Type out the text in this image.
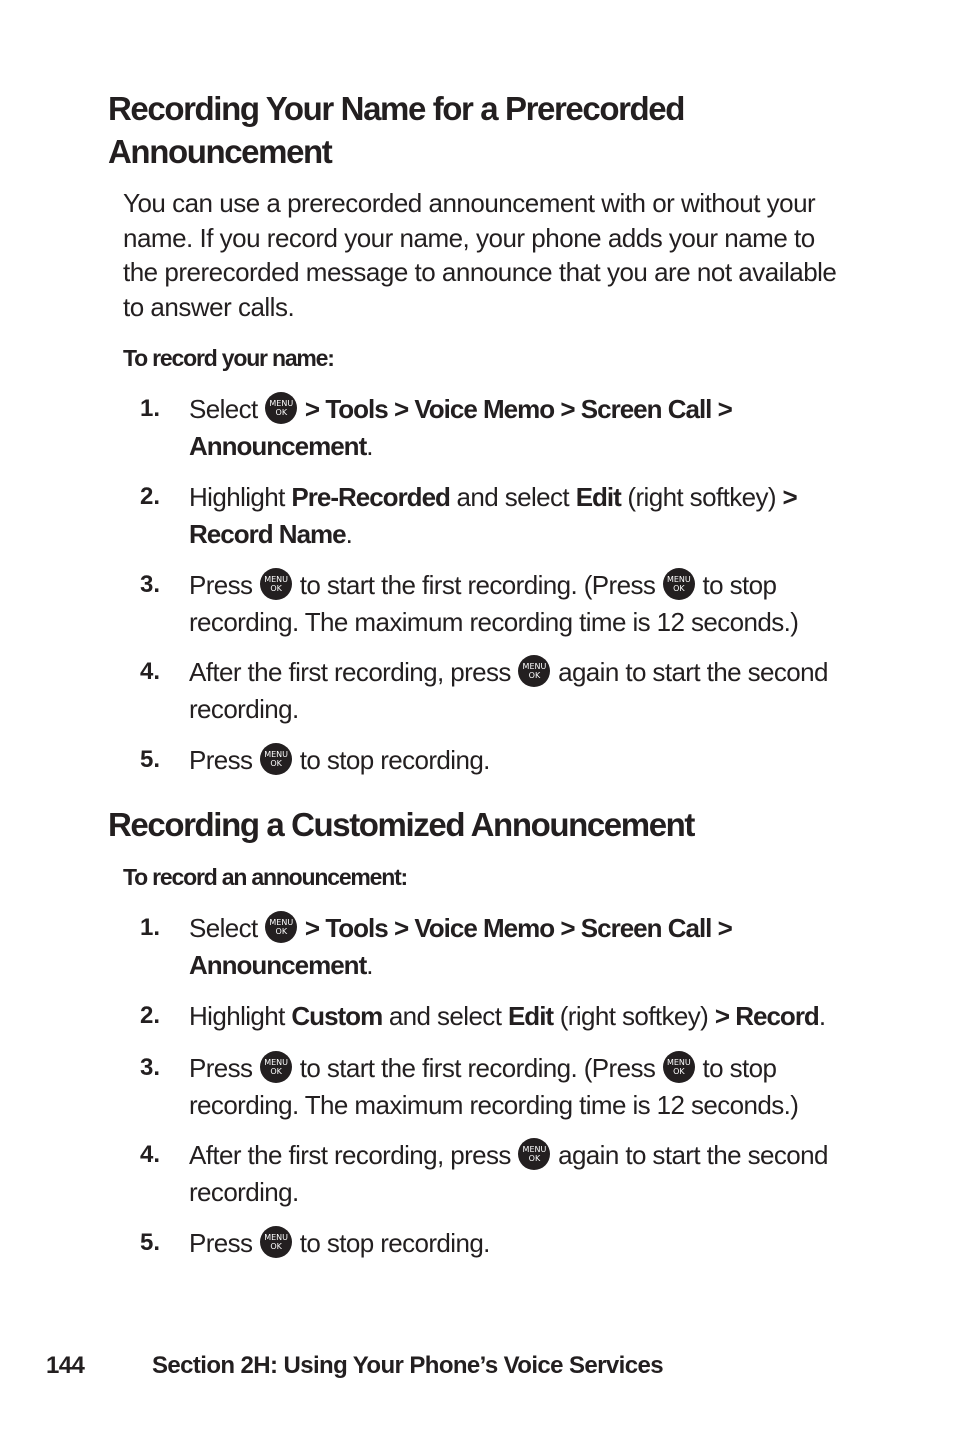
Recording Your Name for a Prerecorded Announcement

You can use a prerecorded announcement with or without your name. If you record your name, your phone adds your name to the prerecorded message to announce that you are not available to answer calls.

To record your name:

1. Select	MENU
OK > Tools > Voice Memo > Screen Call > Announcement.
2. Highlight Pre-Recorded and select Edit (right softkey) > Record Name.
3. Press	MENU
OK to start the first recording. (Press	MENU
OK to stop recording. The maximum recording time is 12 seconds.)
4. After the first recording, press	MENU
OK again to start the second recording.
5. Press	MENU
OK to stop recording.
Recording a Customized Announcement

To record an announcement:

1. Select	MENU
OK > Tools > Voice Memo > Screen Call > Announcement.
2. Highlight Custom and select Edit (right softkey) > Record.
3. Press	MENU
OK to start the first recording. (Press	MENU
OK to stop recording. The maximum recording time is 12 seconds.)
4. After the first recording, press	MENU
OK again to start the second recording.
5. Press	MENU
OK to stop recording.
144	Section 2H: Using Your Phone’s Voice Services
